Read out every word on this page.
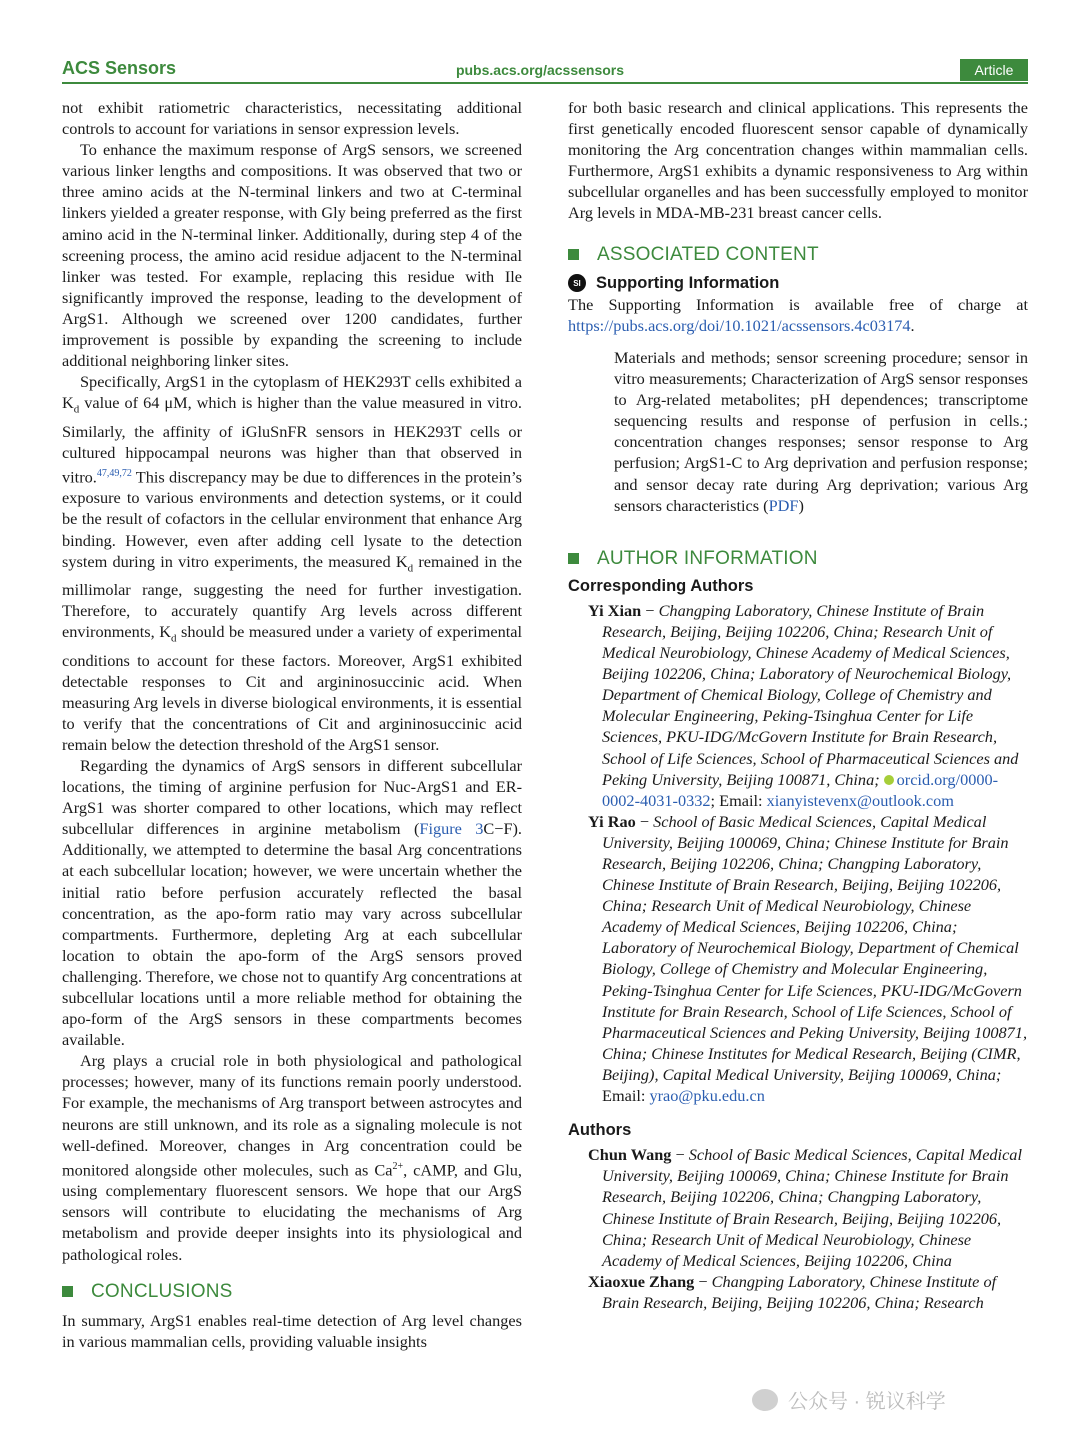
ACS Sensors	pubs.acs.org/acssensors	Article

not exhibit ratiometric characteristics, necessitating additional controls to account for variations in sensor expression levels.

To enhance the maximum response of ArgS sensors, we screened various linker lengths and compositions. It was observed that two or three amino acids at the N-terminal linkers and two at C-terminal linkers yielded a greater response, with Gly being preferred as the first amino acid in the N-terminal linker. Additionally, during step 4 of the screening process, the amino acid residue adjacent to the N-terminal linker was tested. For example, replacing this residue with Ile significantly improved the response, leading to the development of ArgS1. Although we screened over 1200 candidates, further improvement is possible by expanding the screening to include additional neighboring linker sites.

Specifically, ArgS1 in the cytoplasm of HEK293T cells exhibited a $K_d$ value of 64 μM, which is higher than the value measured in vitro. Similarly, the affinity of iGluSnFR sensors in HEK293T cells or cultured hippocampal neurons was higher than that observed in vitro.$^{47,49,72}$ This discrepancy may be due to differences in the protein’s exposure to various environments and detection systems, or it could be the result of cofactors in the cellular environment that enhance Arg binding. However, even after adding cell lysate to the detection system during in vitro experiments, the measured $K_d$ remained in the millimolar range, suggesting the need for further investigation. Therefore, to accurately quantify Arg levels across different environments, $K_d$ should be measured under a variety of experimental conditions to account for these factors. Moreover, ArgS1 exhibited detectable responses to Cit and argininosuccinic acid. When measuring Arg levels in diverse biological environments, it is essential to verify that the concentrations of Cit and argininosuccinic acid remain below the detection threshold of the ArgS1 sensor.

Regarding the dynamics of ArgS sensors in different subcellular locations, the timing of arginine perfusion for Nuc-ArgS1 and ER-ArgS1 was shorter compared to other locations, which may reflect subcellular differences in arginine metabolism (Figure 3C−F). Additionally, we attempted to determine the basal Arg concentrations at each subcellular location; however, we were uncertain whether the initial ratio before perfusion accurately reflected the basal concentration, as the apo-form ratio may vary across subcellular compartments. Furthermore, depleting Arg at each subcellular location to obtain the apo-form of the ArgS sensors proved challenging. Therefore, we chose not to quantify Arg concentrations at subcellular locations until a more reliable method for obtaining the apo-form of the ArgS sensors in these compartments becomes available.

Arg plays a crucial role in both physiological and pathological processes; however, many of its functions remain poorly understood. For example, the mechanisms of Arg transport between astrocytes and neurons are still unknown, and its role as a signaling molecule is not well-defined. Moreover, changes in Arg concentration could be monitored alongside other molecules, such as $Ca^{2+}$, cAMP, and Glu, using complementary fluorescent sensors. We hope that our ArgS sensors will contribute to elucidating the mechanisms of Arg metabolism and provide deeper insights into its physiological and pathological roles.

CONCLUSIONS

In summary, ArgS1 enables real-time detection of Arg level changes in various mammalian cells, providing valuable insights

for both basic research and clinical applications. This represents the first genetically encoded fluorescent sensor capable of dynamically monitoring the Arg concentration changes within mammalian cells. Furthermore, ArgS1 exhibits a dynamic responsiveness to Arg within subcellular organelles and has been successfully employed to monitor Arg levels in MDA-MB-231 breast cancer cells.

ASSOCIATED CONTENT
SI Supporting Information

The Supporting Information is available free of charge at https://pubs.acs.org/doi/10.1021/acssensors.4c03174.

Materials and methods; sensor screening procedure; sensor in vitro measurements; Characterization of ArgS sensor responses to Arg-related metabolites; pH dependences; transcriptome sequencing results and response of perfusion in cells.; concentration changes responses; sensor response to Arg perfusion; ArgS1-C to Arg deprivation and perfusion response; and sensor decay rate during Arg deprivation; various Arg sensors characteristics (PDF)

AUTHOR INFORMATION
Corresponding Authors

Yi Xian − Changping Laboratory, Chinese Institute of Brain Research, Beijing, Beijing 102206, China; Research Unit of Medical Neurobiology, Chinese Academy of Medical Sciences, Beijing 102206, China; Laboratory of Neurochemical Biology, Department of Chemical Biology, College of Chemistry and Molecular Engineering, Peking-Tsinghua Center for Life Sciences, PKU-IDG/McGovern Institute for Brain Research, School of Life Sciences, School of Pharmaceutical Sciences and Peking University, Beijing 100871, China; orcid.org/0000-0002-4031-0332; Email: xianyistevenx@outlook.com

Yi Rao − School of Basic Medical Sciences, Capital Medical University, Beijing 100069, China; Chinese Institute for Brain Research, Beijing 102206, China; Changping Laboratory, Chinese Institute of Brain Research, Beijing, Beijing 102206, China; Research Unit of Medical Neurobiology, Chinese Academy of Medical Sciences, Beijing 102206, China; Laboratory of Neurochemical Biology, Department of Chemical Biology, College of Chemistry and Molecular Engineering, Peking-Tsinghua Center for Life Sciences, PKU-IDG/McGovern Institute for Brain Research, School of Life Sciences, School of Pharmaceutical Sciences and Peking University, Beijing 100871, China; Chinese Institutes for Medical Research, Beijing (CIMR, Beijing), Capital Medical University, Beijing 100069, China; Email: yrao@pku.edu.cn

Authors

Chun Wang − School of Basic Medical Sciences, Capital Medical University, Beijing 100069, China; Chinese Institute for Brain Research, Beijing 102206, China; Changping Laboratory, Chinese Institute of Brain Research, Beijing, Beijing 102206, China; Research Unit of Medical Neurobiology, Chinese Academy of Medical Sciences, Beijing 102206, China

Xiaoxue Zhang − Changping Laboratory, Chinese Institute of Brain Research, Beijing, Beijing 102206, China; Research

公众号 · 锐议科学
